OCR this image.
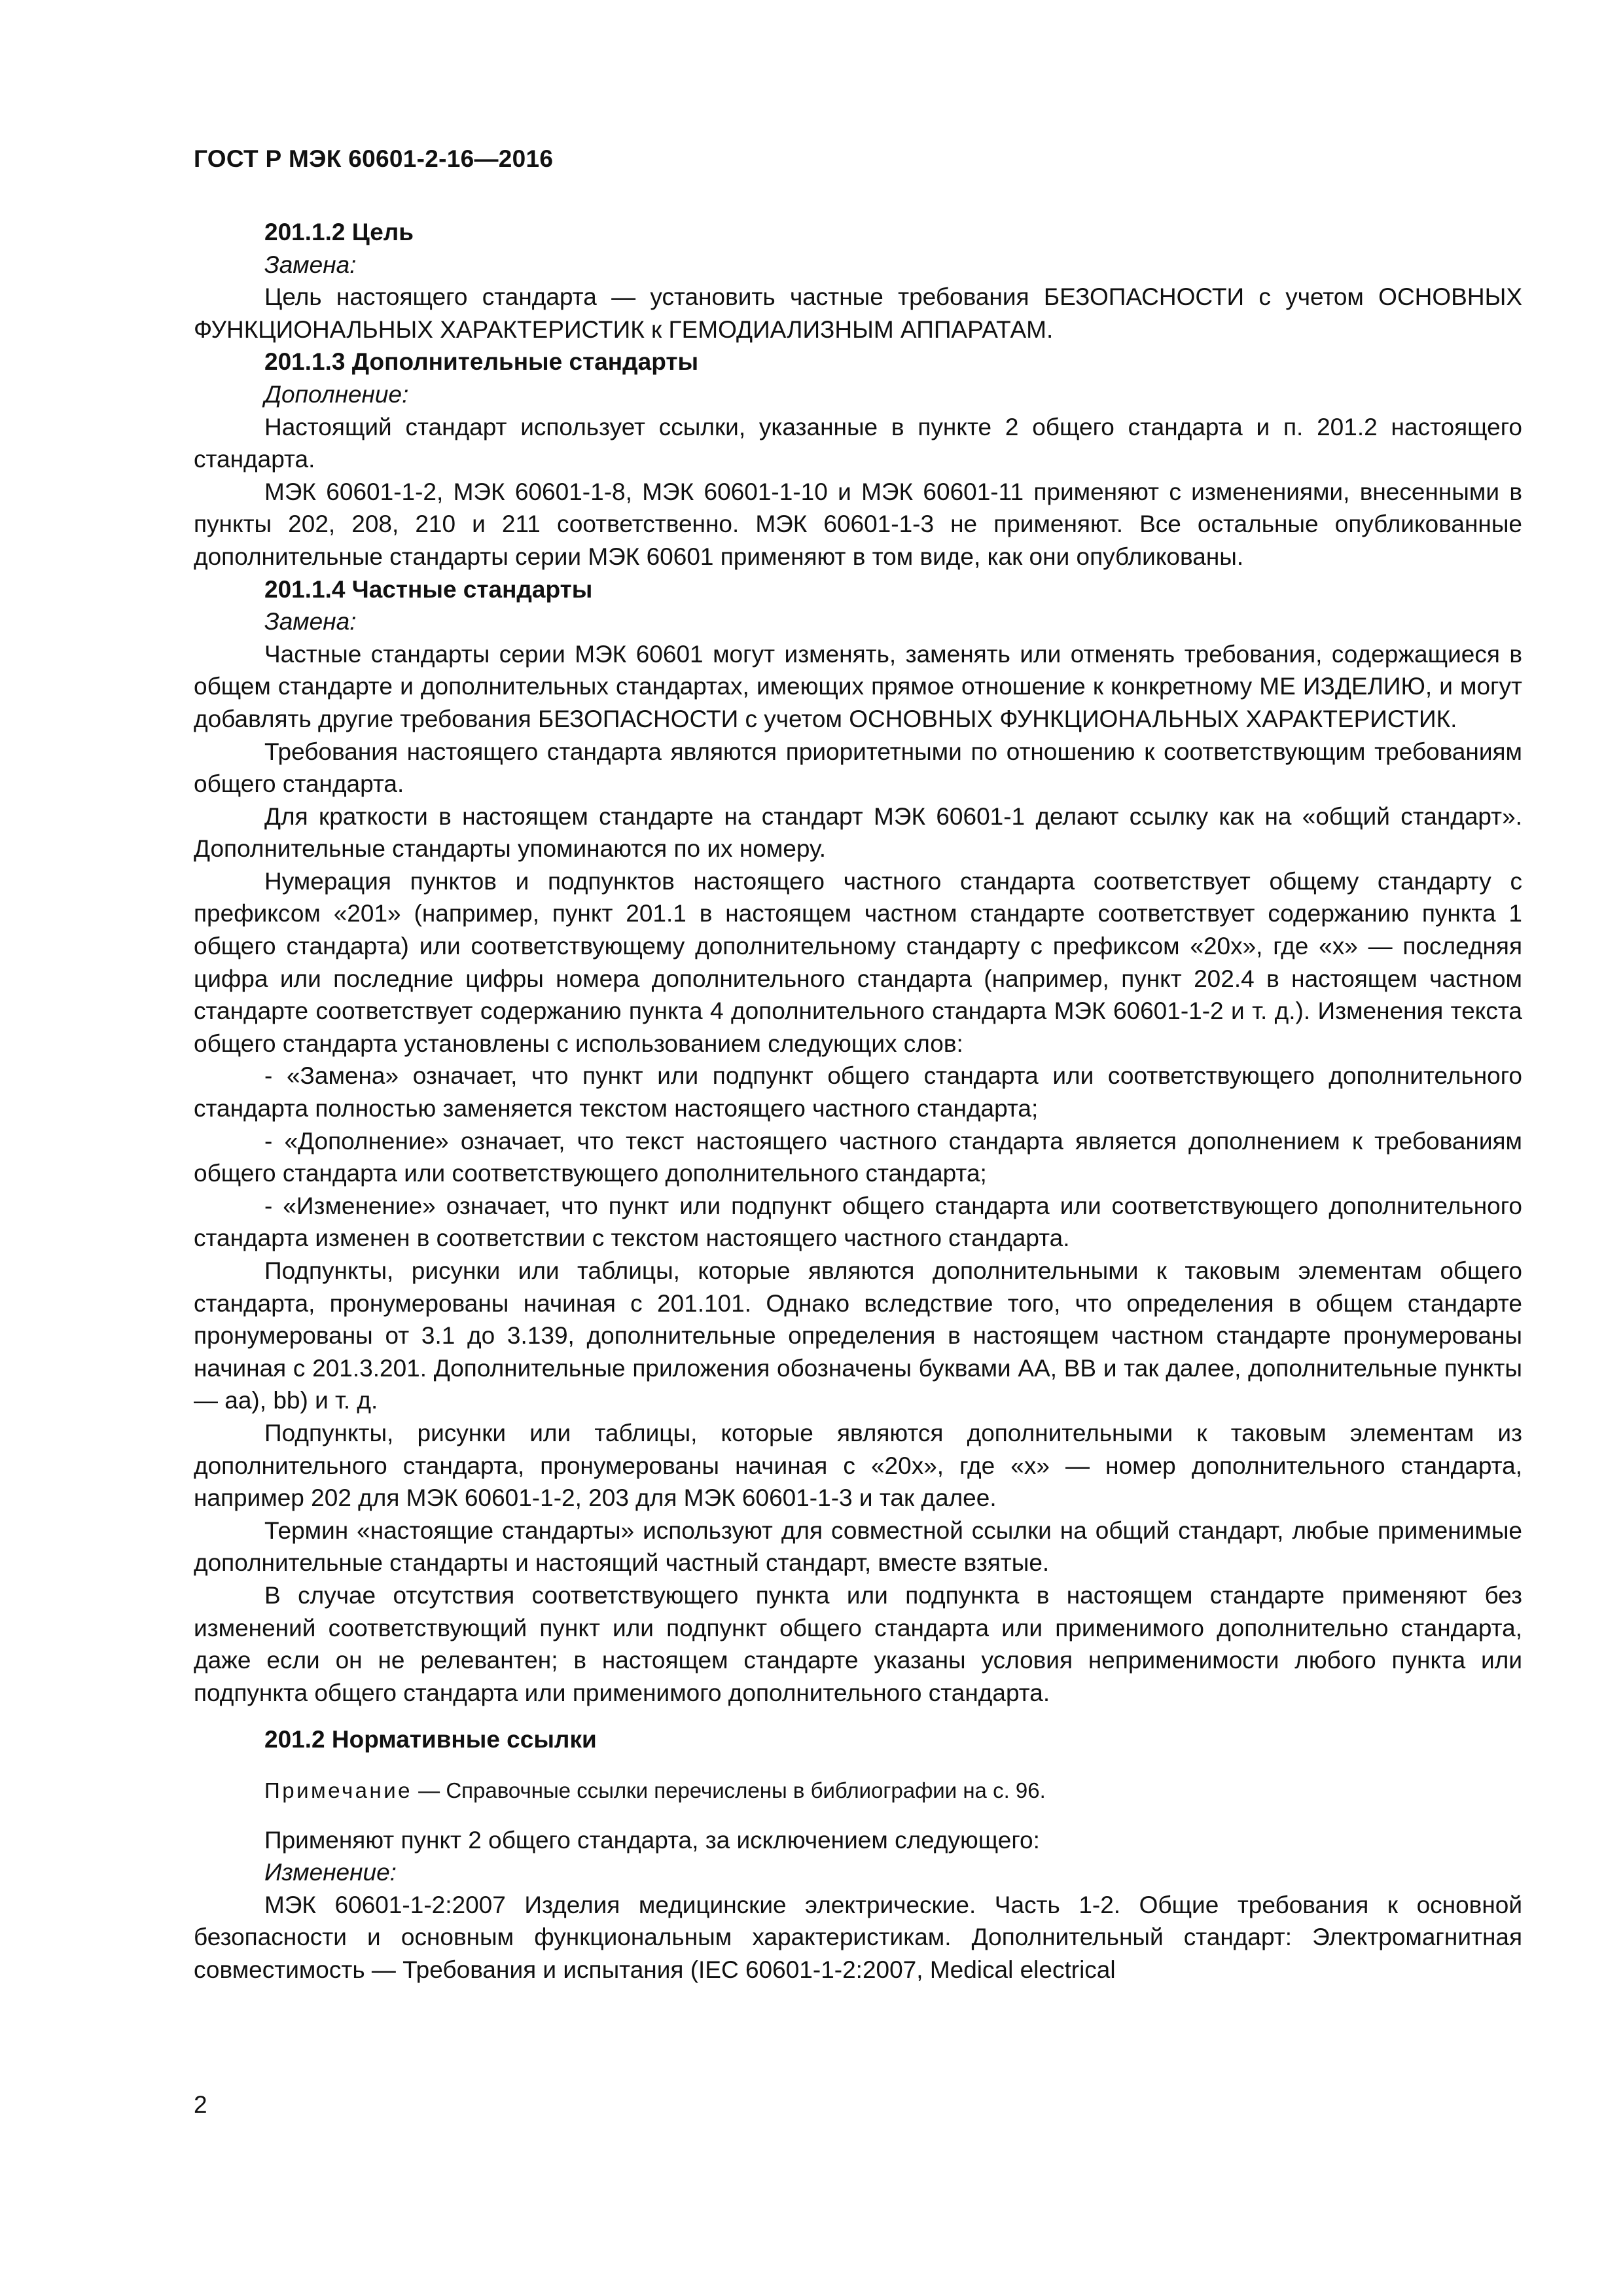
ГОСТ Р МЭК 60601-2-16—2016

201.1.2 Цель

Замена:

Цель настоящего стандарта — установить частные требования БЕЗОПАСНОСТИ с учетом ОСНОВНЫХ ФУНКЦИОНАЛЬНЫХ ХАРАКТЕРИСТИК к ГЕМОДИАЛИЗНЫМ АППАРАТАМ.

201.1.3 Дополнительные стандарты

Дополнение:

Настоящий стандарт использует ссылки, указанные в пункте 2 общего стандарта и п. 201.2 настоящего стандарта.

МЭК 60601-1-2, МЭК 60601-1-8, МЭК 60601-1-10 и МЭК 60601-11 применяют с изменениями, внесенными в пункты 202, 208, 210 и 211 соответственно. МЭК 60601-1-3 не применяют. Все остальные опубликованные дополнительные стандарты серии МЭК 60601 применяют в том виде, как они опубликованы.

201.1.4 Частные стандарты

Замена:

Частные стандарты серии МЭК 60601 могут изменять, заменять или отменять требования, содержащиеся в общем стандарте и дополнительных стандартах, имеющих прямое отношение к конкретному МЕ ИЗДЕЛИЮ, и могут добавлять другие требования БЕЗОПАСНОСТИ с учетом ОСНОВНЫХ ФУНКЦИОНАЛЬНЫХ ХАРАКТЕРИСТИК.

Требования настоящего стандарта являются приоритетными по отношению к соответствующим требованиям общего стандарта.

Для краткости в настоящем стандарте на стандарт МЭК 60601-1 делают ссылку как на «общий стандарт». Дополнительные стандарты упоминаются по их номеру.

Нумерация пунктов и подпунктов настоящего частного стандарта соответствует общему стандарту с префиксом «201» (например, пункт 201.1 в настоящем частном стандарте соответствует содержанию пункта 1 общего стандарта) или соответствующему дополнительному стандарту с префиксом «20х», где «х» — последняя цифра или последние цифры номера дополнительного стандарта (например, пункт 202.4 в настоящем частном стандарте соответствует содержанию пункта 4 дополнительного стандарта МЭК 60601-1-2 и т. д.). Изменения текста общего стандарта установлены с использованием следующих слов:

- «Замена» означает, что пункт или подпункт общего стандарта или соответствующего дополнительного стандарта полностью заменяется текстом настоящего частного стандарта;

- «Дополнение» означает, что текст настоящего частного стандарта является дополнением к требованиям общего стандарта или соответствующего дополнительного стандарта;

- «Изменение» означает, что пункт или подпункт общего стандарта или соответствующего дополнительного стандарта изменен в соответствии с текстом настоящего частного стандарта.

Подпункты, рисунки или таблицы, которые являются дополнительными к таковым элементам общего стандарта, пронумерованы начиная с 201.101. Однако вследствие того, что определения в общем стандарте пронумерованы от 3.1 до 3.139, дополнительные определения в настоящем частном стандарте пронумерованы начиная с 201.3.201. Дополнительные приложения обозначены буквами АА, ВВ и так далее, дополнительные пункты — аа), bb) и т. д.

Подпункты, рисунки или таблицы, которые являются дополнительными к таковым элементам из дополнительного стандарта, пронумерованы начиная с «20х», где «х» — номер дополнительного стандарта, например 202 для МЭК 60601-1-2, 203 для МЭК 60601-1-3 и так далее.

Термин «настоящие стандарты» используют для совместной ссылки на общий стандарт, любые применимые дополнительные стандарты и настоящий частный стандарт, вместе взятые.

В случае отсутствия соответствующего пункта или подпункта в настоящем стандарте применяют без изменений соответствующий пункт или подпункт общего стандарта или применимого дополнительно стандарта, даже если он не релевантен; в настоящем стандарте указаны условия неприменимости любого пункта или подпункта общего стандарта или применимого дополнительного стандарта.

201.2 Нормативные ссылки

Примечание — Справочные ссылки перечислены в библиографии на с. 96.

Применяют пункт 2 общего стандарта, за исключением следующего:

Изменение:

МЭК 60601-1-2:2007 Изделия медицинские электрические. Часть 1-2. Общие требования к основной безопасности и основным функциональным характеристикам. Дополнительный стандарт: Электромагнитная совместимость — Требования и испытания (IEC 60601-1-2:2007, Medical electrical

2
